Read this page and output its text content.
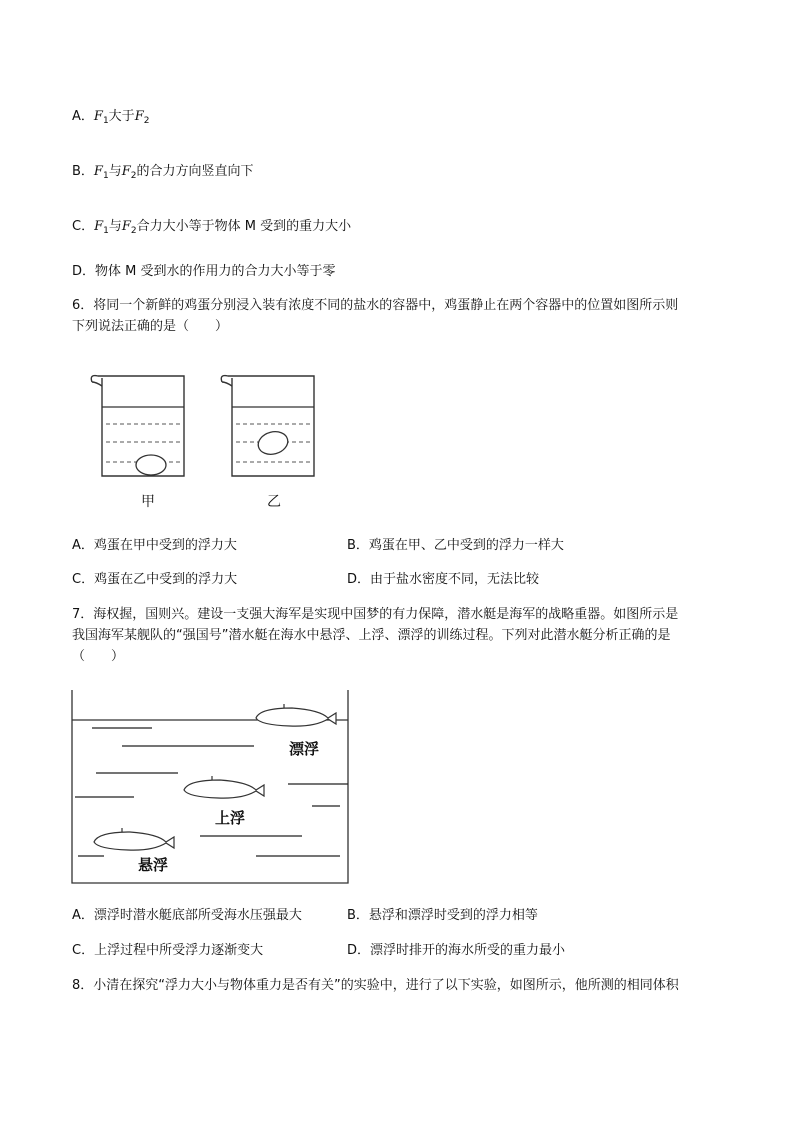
A．$F_1$大于$F_2$
B．$F_1$与$F_2$的合力方向竖直向下
C．$F_1$与$F_2$合力大小等于物体 M 受到的重力大小
D．物体 M 受到水的作用力的合力大小等于零
6．将同一个新鲜的鸡蛋分别浸入装有浓度不同的盐水的容器中，鸡蛋静止在两个容器中的位置如图所示则
下列说法正确的是（　　）
甲	乙
A．鸡蛋在甲中受到的浮力大	B．鸡蛋在甲、乙中受到的浮力一样大
C．鸡蛋在乙中受到的浮力大	D．由于盐水密度不同，无法比较
7．海权握，国则兴。建设一支强大海军是实现中国梦的有力保障，潜水艇是海军的战略重器。如图所示是
我国海军某舰队的“强国号”潜水艇在海水中悬浮、上浮、漂浮的训练过程。下列对此潜水艇分析正确的是
（　　）
漂浮
上浮
悬浮
A．漂浮时潜水艇底部所受海水压强最大	B．悬浮和漂浮时受到的浮力相等
C．上浮过程中所受浮力逐渐变大	D．漂浮时排开的海水所受的重力最小
8．小清在探究“浮力大小与物体重力是否有关”的实验中，进行了以下实验，如图所示，他所测的相同体积
